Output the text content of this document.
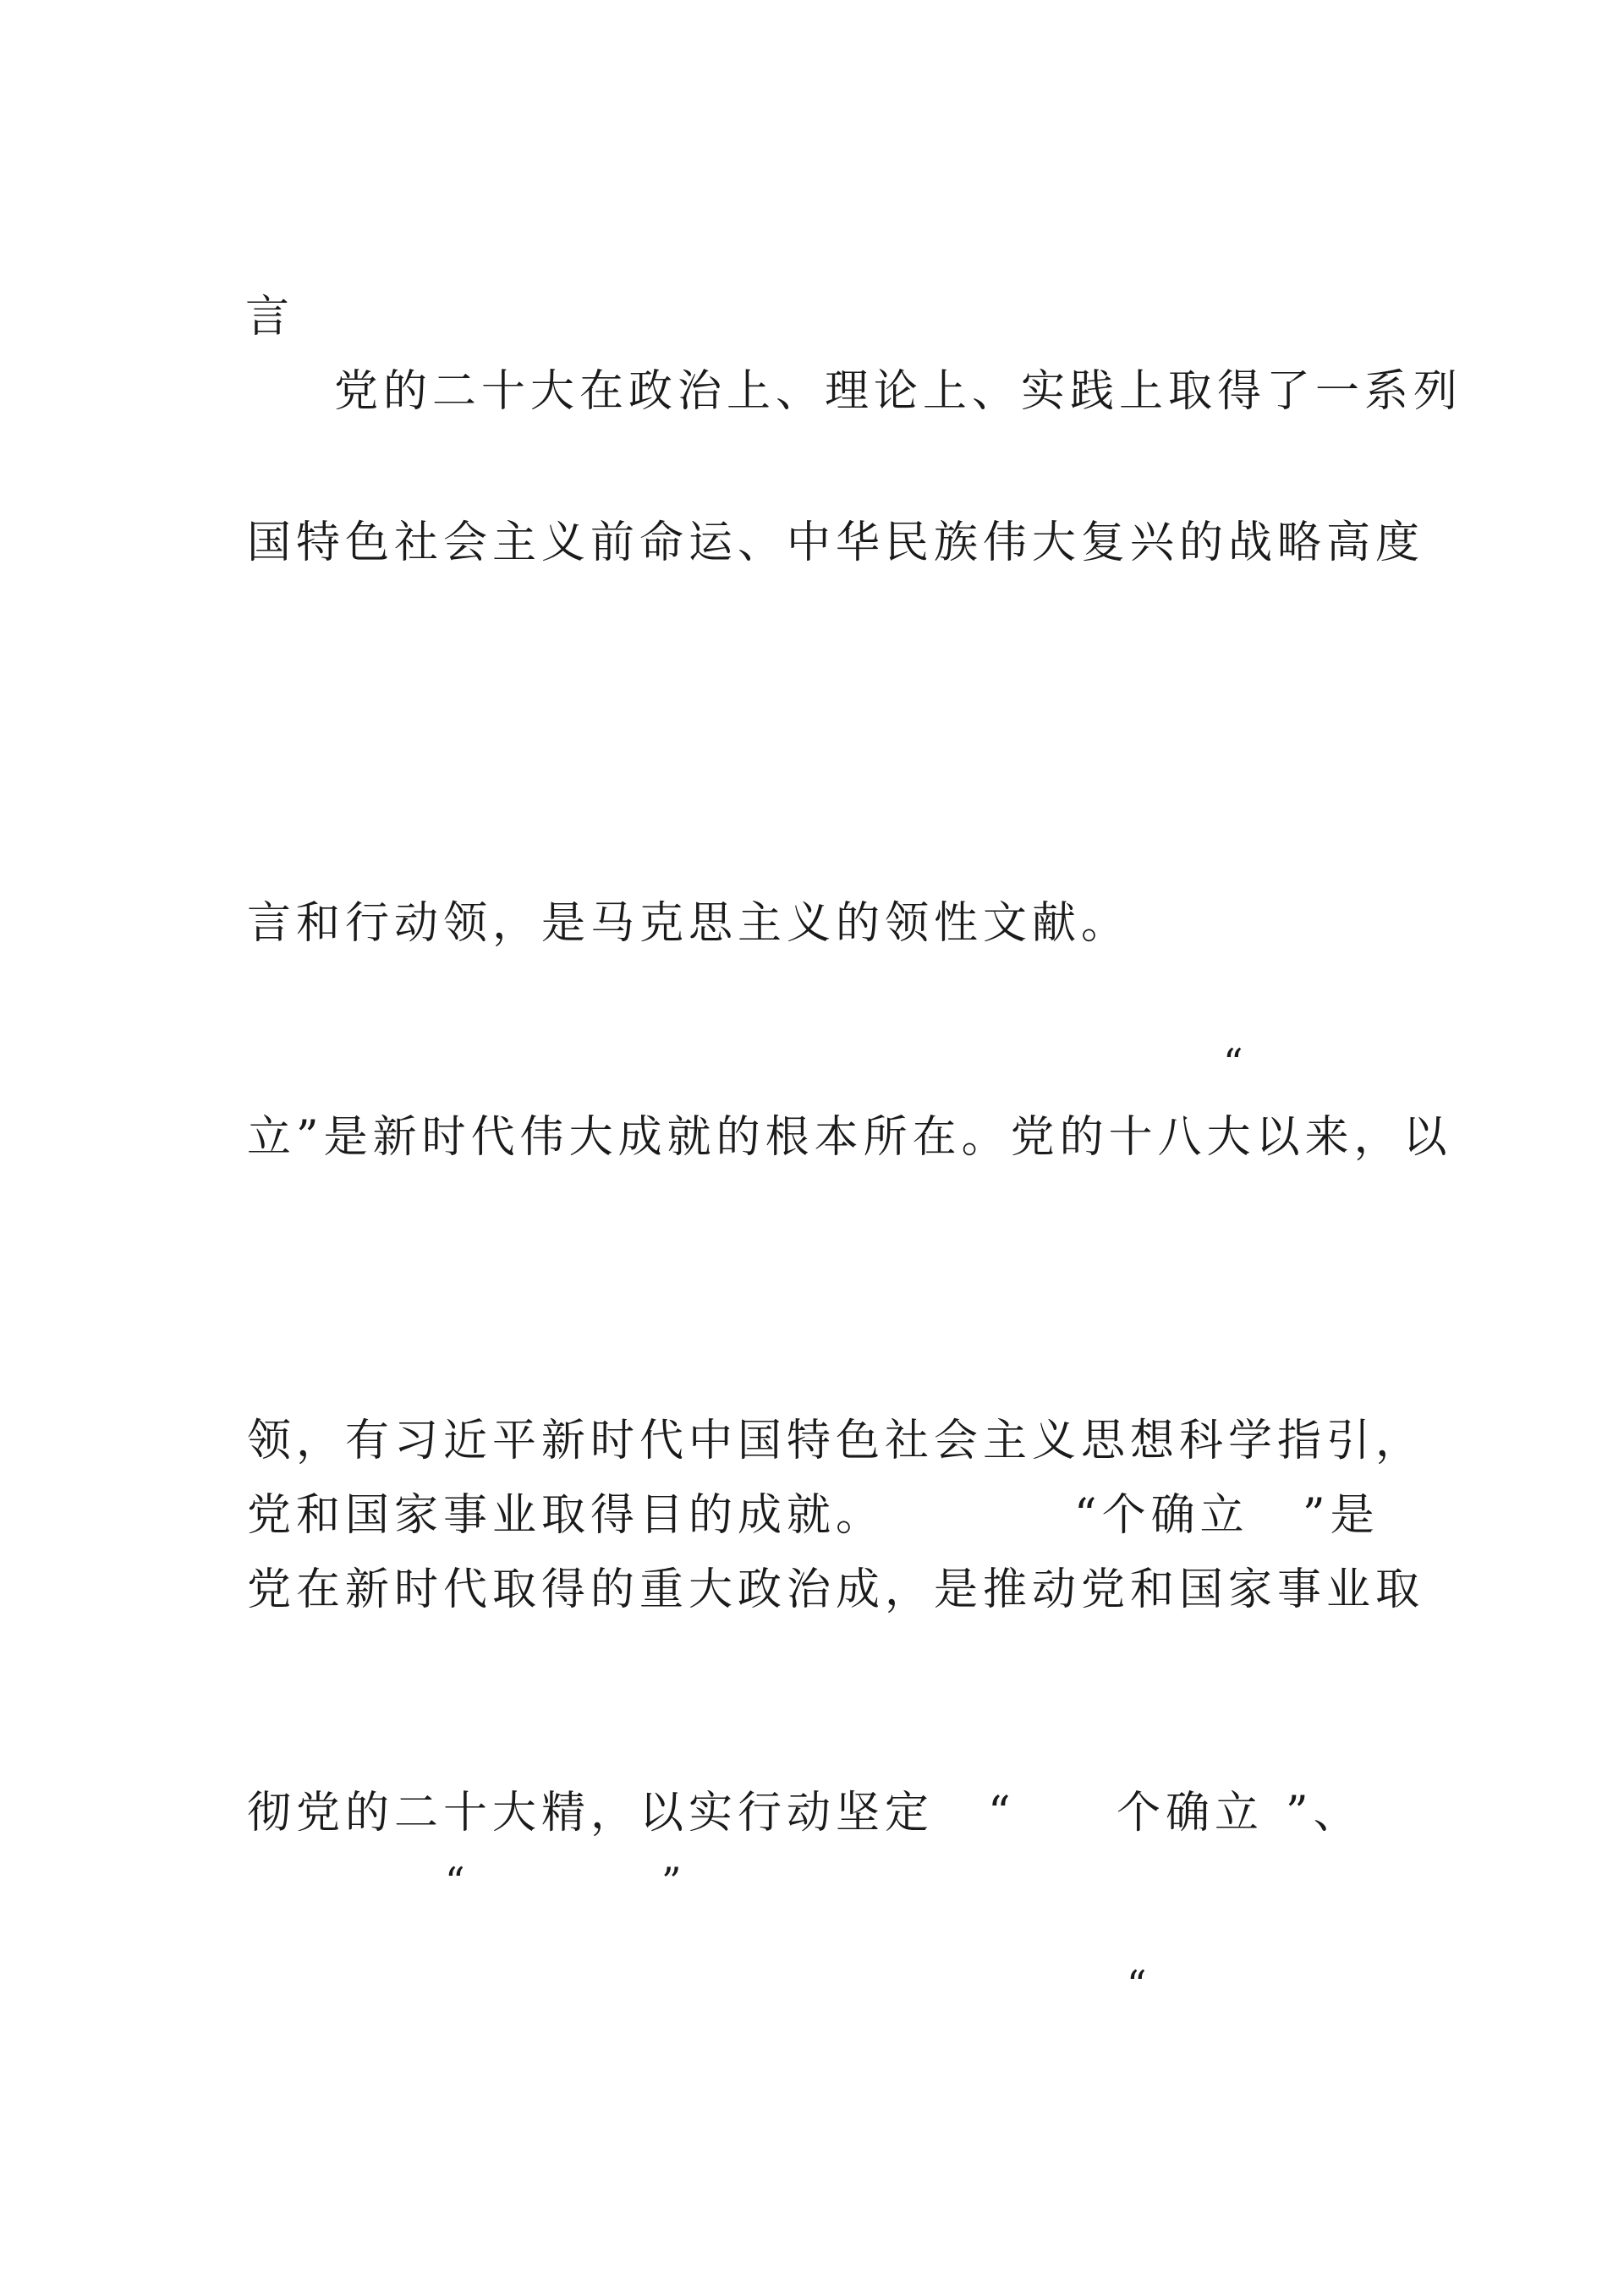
言
党的二十大在政治上、理论上、实践上取得了一系列
国特色社会主义前命运、中华民族伟大复兴的战略高度
言和行动领，是马克思主义的领性文献。
“
立”是新时代伟大成就的根本所在。党的十八大以来，以
领，有习近平新时代中国特色社会主义思想科学指引，
党和国家事业取得目的成就。	“个确立 ”是
党在新时代取得的重大政治成，是推动党和国家事业取
彻党的二十大精，以实行动坚定 “ 个确立 ”、
“	”
“
